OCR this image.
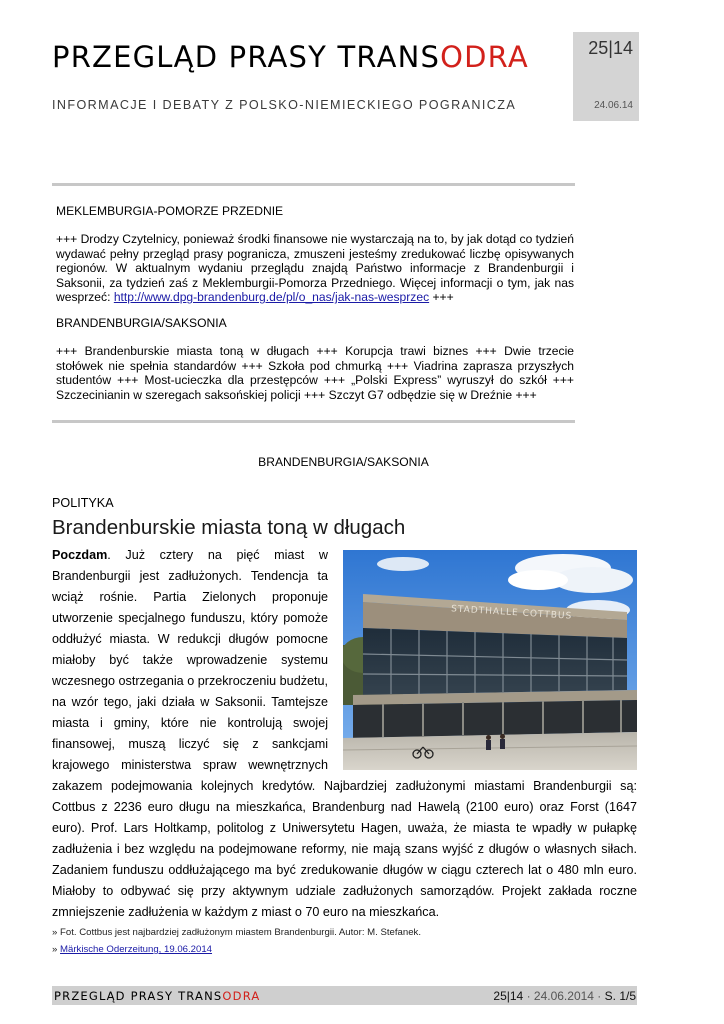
PRZEGLĄD PRASY TRANSODRA
INFORMACJE I DEBATY Z POLSKO-NIEMIECKIEGO POGRANICZA
25|14
24.06.14
MEKLEMBURGIA-POMORZE PRZEDNIE
+++ Drodzy Czytelnicy, ponieważ środki finansowe nie wystarczają na to, by jak dotąd co tydzień wydawać pełny przegląd prasy pogranicza, zmuszeni jesteśmy zredukować liczbę opisywanych regionów. W aktualnym wydaniu przeglądu znajdą Państwo informacje z Brandenburgii i Saksonii, za tydzień zaś z Meklemburgii-Pomorza Przedniego. Więcej informacji o tym, jak nas wesprzeć: http://www.dpg-brandenburg.de/pl/o_nas/jak-nas-wesprzec +++
BRANDENBURGIA/SAKSONIA
+++ Brandenburskie miasta toną w długach +++ Korupcja trawi biznes +++ Dwie trzecie stołówek nie spełnia standardów +++ Szkoła pod chmurką +++ Viadrina zaprasza przyszłych studentów +++ Most-ucieczka dla przestępców +++ „Polski Express” wyruszył do szkół +++ Szczecinianin w szeregach saksońskiej policji +++ Szczyt G7 odbędzie się w Dreźnie +++
BRANDENBURGIA/SAKSONIA
POLITYKA
Brandenburskie miasta toną w długach
Poczdam. Już cztery na pięć miast w
Brandenburgii jest zadłużonych. Tendencja ta
wciąż rośnie. Partia Zielonych proponuje
utworzenie specjalnego funduszu, który pomoże
oddłużyć miasta. W redukcji długów pomocne
miałoby być także wprowadzenie systemu
wczesnego ostrzegania o przekroczeniu budżetu,
na wzór tego, jaki działa w Saksonii. Tamtejsze
miasta i gminy, które nie kontrolują swojej
finansowej, muszą liczyć się z sankcjami
krajowego ministerstwa spraw wewnętrznych
STADTHALLE COTTBUS
zakazem podejmowania kolejnych kredytów. Najbardziej zadłużonymi miastami Brandenburgii są: Cottbus z 2236 euro długu na mieszkańca, Brandenburg nad Hawelą (2100 euro) oraz Forst (1647 euro). Prof. Lars Holtkamp, politolog z Uniwersytetu Hagen, uważa, że miasta te wpadły w pułapkę zadłużenia i bez względu na podejmowane reformy, nie mają szans wyjść z długów o własnych siłach. Zadaniem funduszu oddłużającego ma być zredukowanie długów w ciągu czterech lat o 480 mln euro. Miałoby to odbywać się przy aktywnym udziale zadłużonych samorządów. Projekt zakłada roczne zmniejszenie zadłużenia w każdym z miast o 70 euro na mieszkańca.
» Fot. Cottbus jest najbardziej zadłużonym miastem Brandenburgii. Autor: M. Stefanek.
» Märkische Oderzeitung, 19.06.2014
PRZEGLĄD PRASY TRANSODRA	25|14 · 24.06.2014 · S. 1/5
